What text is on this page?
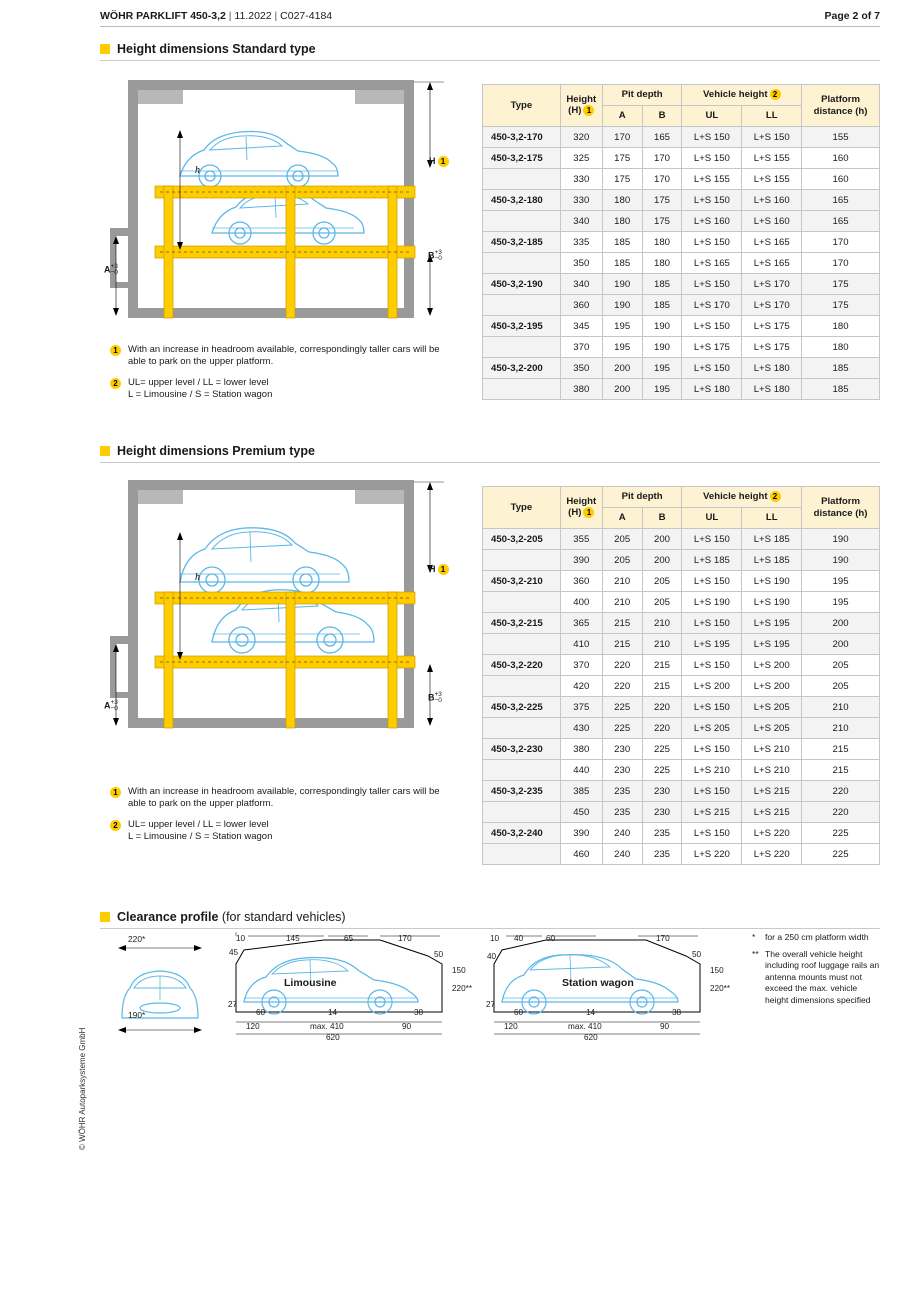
WÖHR PARKLIFT 450-3,2 | 11.2022 | C027-4184	Page 2 of 7
Height dimensions Standard type
h
H 1
B+3
−0
A+3
−0
1	With an increase in headroom available, correspondingly taller cars will be able to park on the upper platform.
2	UL= upper level / LL = lower level
L = Limousine / S = Station wagon
Type	Height
(H) 1	Pit depth		Vehicle height 2		Platform
distance (h)
		A	B	UL	LL	
450-3,2-170	320	170	165	L+S 150	L+S 150	155
450-3,2-175	325	175	170	L+S 150	L+S 155	160
	330	175	170	L+S 155	L+S 155	160
450-3,2-180	330	180	175	L+S 150	L+S 160	165
	340	180	175	L+S 160	L+S 160	165
450-3,2-185	335	185	180	L+S 150	L+S 165	170
	350	185	180	L+S 165	L+S 165	170
450-3,2-190	340	190	185	L+S 150	L+S 170	175
	360	190	185	L+S 170	L+S 170	175
450-3,2-195	345	195	190	L+S 150	L+S 175	180
	370	195	190	L+S 175	L+S 175	180
450-3,2-200	350	200	195	L+S 150	L+S 180	185
	380	200	195	L+S 180	L+S 180	185
Height dimensions Premium type
h
H 1
B+3
−0
A+3
−0
1	With an increase in headroom available, correspondingly taller cars will be able to park on the upper platform.
2	UL= upper level / LL = lower level
L = Limousine / S = Station wagon
Type	Height
(H) 1	Pit depth		Vehicle height 2		Platform
distance (h)
		A	B	UL	LL	
450-3,2-205	355	205	200	L+S 150	L+S 185	190
	390	205	200	L+S 185	L+S 185	190
450-3,2-210	360	210	205	L+S 150	L+S 190	195
	400	210	205	L+S 190	L+S 190	195
450-3,2-215	365	215	210	L+S 150	L+S 195	200
	410	215	210	L+S 195	L+S 195	200
450-3,2-220	370	220	215	L+S 150	L+S 200	205
	420	220	215	L+S 200	L+S 200	205
450-3,2-225	375	225	220	L+S 150	L+S 205	210
	430	225	220	L+S 205	L+S 205	210
450-3,2-230	380	230	225	L+S 150	L+S 210	215
	440	230	225	L+S 210	L+S 210	215
450-3,2-235	385	235	230	L+S 150	L+S 215	220
	450	235	230	L+S 215	L+S 215	220
450-3,2-240	390	240	235	L+S 150	L+S 220	225
	460	240	235	L+S 220	L+S 220	225
Clearance profile (for standard vehicles)
220*
190*
Limousine
10	145	65	170
45	50
150
220**
27
60	14	38
120	max. 410	90
620
Station wagon
10 40	60	170
40	50
150
220**
27
60	14	38
120	max. 410	90
620
*	for a 250 cm platform width
** The overall vehicle height including roof luggage rails an antenna mounts must not exceed the max. vehicle height dimensions specified
© WÖHR Autoparksysteme GmbH
